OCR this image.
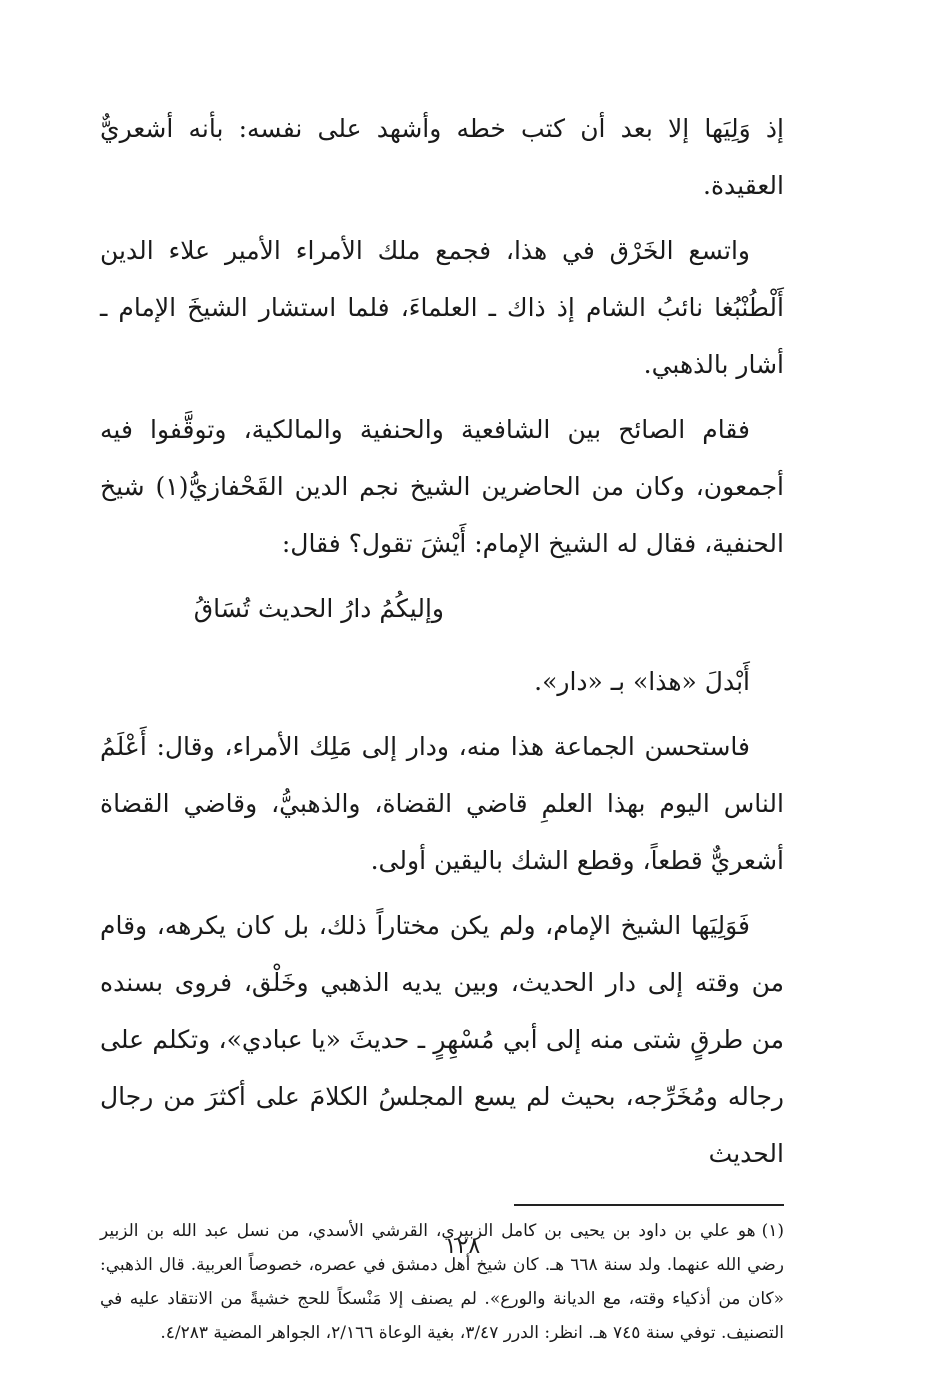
إذ وَلِيَها إلا بعد أن كتب خطه وأشهد على نفسه: بأنه أشعريٌّ العقيدة.

واتسع الخَرْق في هذا، فجمع ملك الأمراء الأمير علاء الدين أَلْطُنْبُغا نائبُ الشام إذ ذاك ـ العلماءَ، فلما استشار الشيخَ الإمام ـ أشار بالذهبي.

فقام الصائح بين الشافعية والحنفية والمالكية، وتوقَّفوا فيه أجمعون، وكان من الحاضرين الشيخ نجم الدين القَحْفازيُّ(١) شيخ الحنفية، فقال له الشيخ الإمام: أَيْشَ تقول؟ فقال:

وإليكُمُ دارُ الحديث تُسَاقُ

أَبْدلَ «هذا» بـ «دار».

فاستحسن الجماعة هذا منه، ودار إلى مَلِك الأمراء، وقال: أَعْلَمُ الناس اليوم بهذا العلمِ قاضي القضاة، والذهبيُّ، وقاضي القضاة أشعريٌّ قطعاً، وقطع الشك باليقين أولى.

فَوَلِيَها الشيخ الإمام، ولم يكن مختاراً ذلك، بل كان يكرهه، وقام من وقته إلى دار الحديث، وبين يديه الذهبي وخَلْق، فروى بسنده من طرقٍ شتى منه إلى أبي مُسْهِرٍ ـ حديثَ «يا عبادي»، وتكلم على رجاله ومُخَرِّجه، بحيث لم يسع المجلسُ الكلامَ على أكثرَ من رجال الحديث

(١)هو علي بن داود بن يحيى بن كامل الزبيري، القرشي الأسدي، من نسل عبد الله بن الزبير رضي الله عنهما. ولد سنة ٦٦٨ هـ. كان شيخ أهل دمشق في عصره، خصوصاً العربية. قال الذهبي: «كان من أذكياء وقته، مع الديانة والورع». لم يصنف إلا مَنْسكاً للحج خشيةً من الانتقاد عليه في التصنيف. توفي سنة ٧٤٥ هـ. انظر: الدرر ٣/٤٧، بغية الوعاة ٢/١٦٦، الجواهر المضية ٤/٢٨٣.

١٢٨
